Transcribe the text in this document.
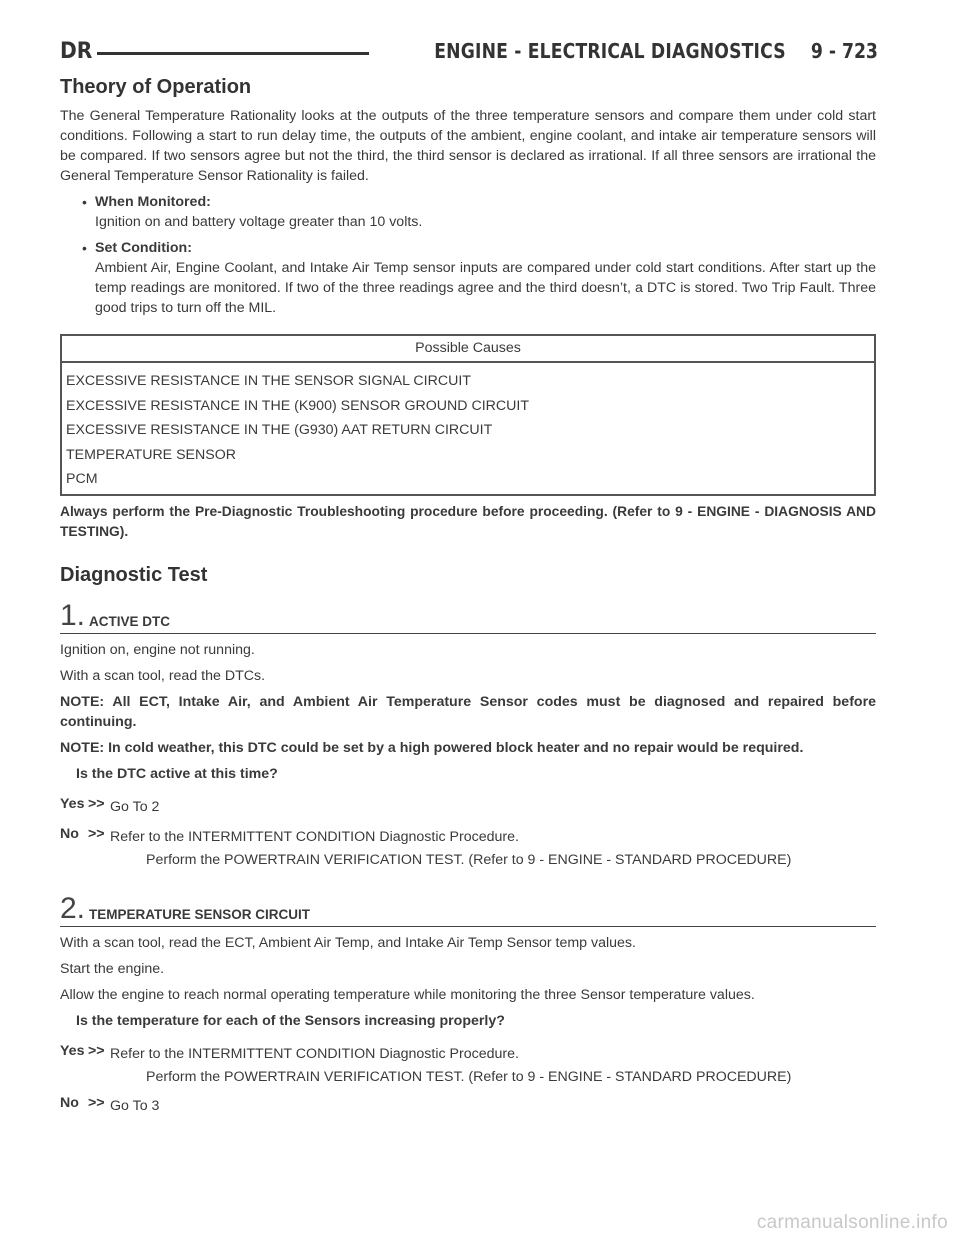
DR	ENGINE - ELECTRICAL DIAGNOSTICS 9 - 723
Theory of Operation

The General Temperature Rationality looks at the outputs of the three temperature sensors and compare them under cold start conditions. Following a start to run delay time, the outputs of the ambient, engine coolant, and intake air temperature sensors will be compared. If two sensors agree but not the third, the third sensor is declared as irrational. If all three sensors are irrational the General Temperature Sensor Rationality is failed.

• When Monitored:
Ignition on and battery voltage greater than 10 volts.
• Set Condition:
Ambient Air, Engine Coolant, and Intake Air Temp sensor inputs are compared under cold start conditions. After start up the temp readings are monitored. If two of the three readings agree and the third doesn’t, a DTC is stored. Two Trip Fault. Three good trips to turn off the MIL.
Possible Causes
EXCESSIVE RESISTANCE IN THE SENSOR SIGNAL CIRCUIT
EXCESSIVE RESISTANCE IN THE (K900) SENSOR GROUND CIRCUIT
EXCESSIVE RESISTANCE IN THE (G930) AAT RETURN CIRCUIT
TEMPERATURE SENSOR
PCM

Always perform the Pre-Diagnostic Troubleshooting procedure before proceeding. (Refer to 9 - ENGINE - DIAGNOSIS AND TESTING).

Diagnostic Test
1. ACTIVE DTC

Ignition on, engine not running.

With a scan tool, read the DTCs.

NOTE: All ECT, Intake Air, and Ambient Air Temperature Sensor codes must be diagnosed and repaired before continuing.

NOTE: In cold weather, this DTC could be set by a high powered block heater and no repair would be required.

Is the DTC active at this time?
Yes >> Go To 2
No >> Refer to the INTERMITTENT CONDITION Diagnostic Procedure.
Perform the POWERTRAIN VERIFICATION TEST. (Refer to 9 - ENGINE - STANDARD PROCEDURE)
2. TEMPERATURE SENSOR CIRCUIT

With a scan tool, read the ECT, Ambient Air Temp, and Intake Air Temp Sensor temp values.

Start the engine.

Allow the engine to reach normal operating temperature while monitoring the three Sensor temperature values.

Is the temperature for each of the Sensors increasing properly?
Yes >> Refer to the INTERMITTENT CONDITION Diagnostic Procedure.
Perform the POWERTRAIN VERIFICATION TEST. (Refer to 9 - ENGINE - STANDARD PROCEDURE)
No >> Go To 3
carmanualsonline.info
